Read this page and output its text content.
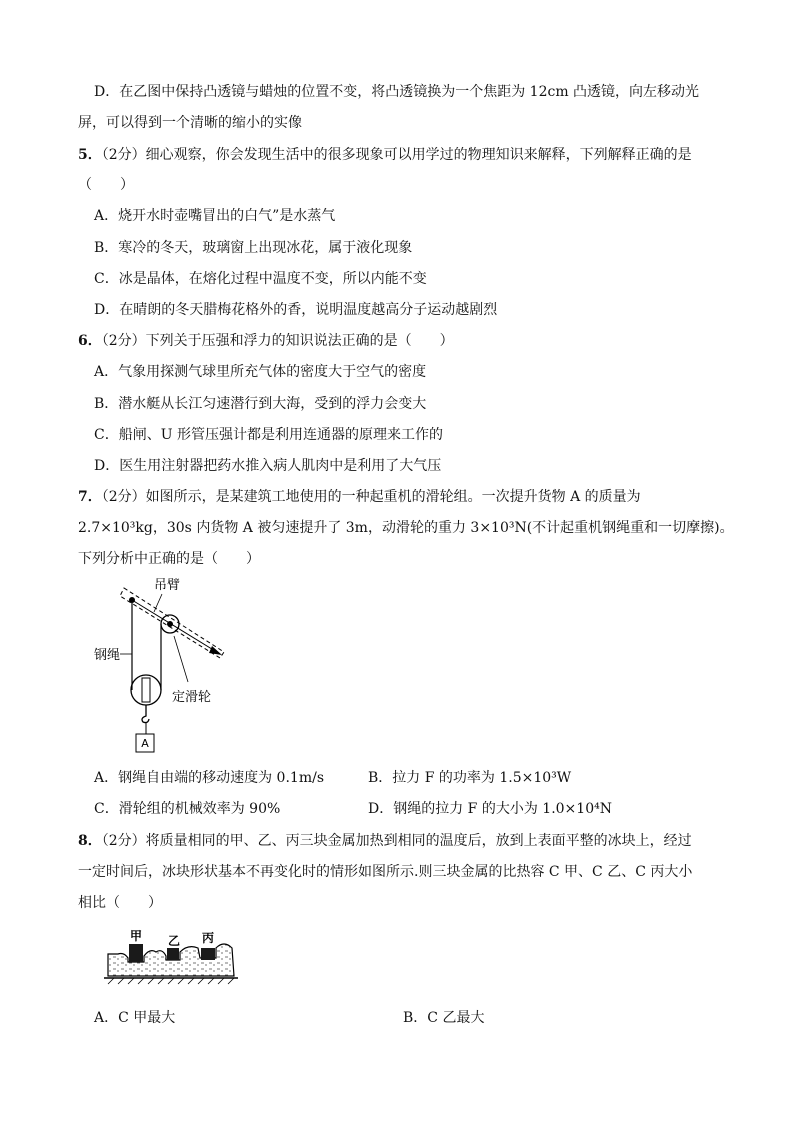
D．在乙图中保持凸透镜与蜡烛的位置不变，将凸透镜换为一个焦距为 12cm 凸透镜，向左移动光
屏，可以得到一个清晰的缩小的实像
5．（2分）细心观察，你会发现生活中的很多现象可以用学过的物理知识来解释，下列解释正确的是
（　　）
A．烧开水时壶嘴冒出的白气”是水蒸气
B．寒冷的冬天，玻璃窗上出现冰花，属于液化现象
C．冰是晶体，在熔化过程中温度不变，所以内能不变
D．在晴朗的冬天腊梅花格外的香，说明温度越高分子运动越剧烈
6．（2分）下列关于压强和浮力的知识说法正确的是（　　）
A．气象用探测气球里所充气体的密度大于空气的密度
B．潜水艇从长江匀速潜行到大海，受到的浮力会变大
C．船闸、U 形管压强计都是利用连通器的原理来工作的
D．医生用注射器把药水推入病人肌肉中是利用了大气压
7．（2分）如图所示，是某建筑工地使用的一种起重机的滑轮组。一次提升货物 A 的质量为
2.7×10³kg，30s 内货物 A 被匀速提升了 3m，动滑轮的重力 3×10³N(不计起重机钢绳重和一切摩擦)。
下列分析中正确的是（　　）
A
吊臂
钢绳
定滑轮
A．钢绳自由端的移动速度为 0.1m/s	B．拉力 F 的功率为 1.5×10³W
C．滑轮组的机械效率为 90%	D．钢绳的拉力 F 的大小为 1.0×10⁴N
8．（2分）将质量相同的甲、乙、丙三块金属加热到相同的温度后，放到上表面平整的冰块上，经过
一定时间后，冰块形状基本不再变化时的情形如图所示.则三块金属的比热容 C 甲、C 乙、C 丙大小
相比（　　）
甲 乙 丙
A．C 甲最大	B．C 乙最大
